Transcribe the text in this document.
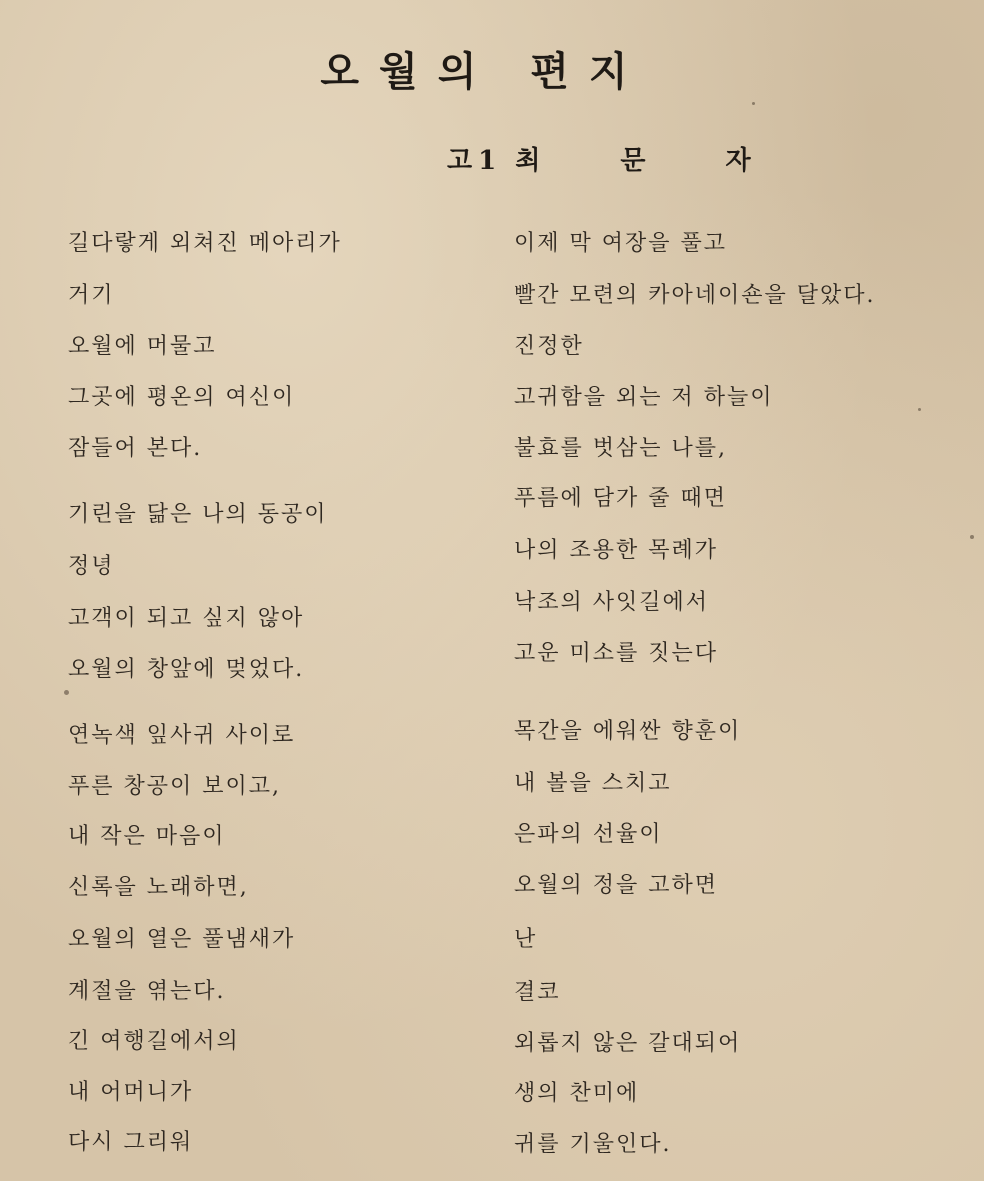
오월의 편지
고1 최문자
길다랗게 외쳐진 메아리가
거기
오월에 머물고
그곳에 평온의 여신이
잠들어 본다.
기린을 닮은 나의 동공이
정녕
고객이 되고 싶지 않아
오월의 창앞에 멎었다.
연녹색 잎사귀 사이로
푸른 창공이 보이고,
내 작은 마음이
신록을 노래하면,
오월의 열은 풀냄새가
계절을 엮는다.
긴 여행길에서의
내 어머니가
다시 그리워
이제 막 여장을 풀고
빨간 모련의 카아네이숀을 달았다.
진정한
고귀함을 외는 저 하늘이
불효를 벗삼는 나를,
푸름에 담가 줄 때면
나의 조용한 목례가
낙조의 사잇길에서
고운 미소를 짓는다
목간을 에워싼 향훈이
내 볼을 스치고
은파의 선율이
오월의 정을 고하면
난
결코
외롭지 않은 갈대되어
생의 찬미에
귀를 기울인다.
